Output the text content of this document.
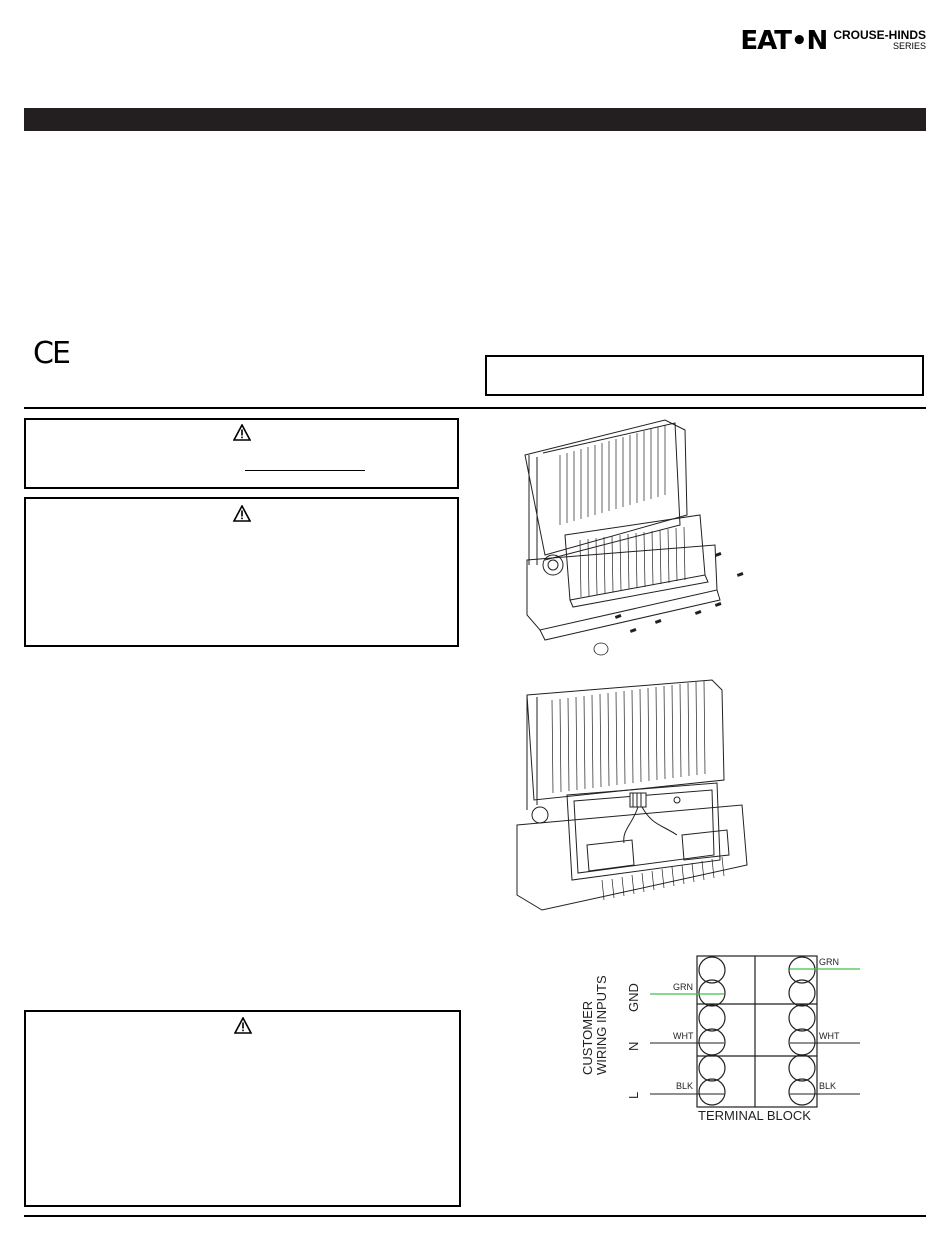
EAT•N CROUSE-HINDS
SERIES
CE
CUSTOMER WIRING INPUTS GND
N
L
GRN
GRN
WHT	WHT
BLK	BLK
TERMINAL BLOCK
